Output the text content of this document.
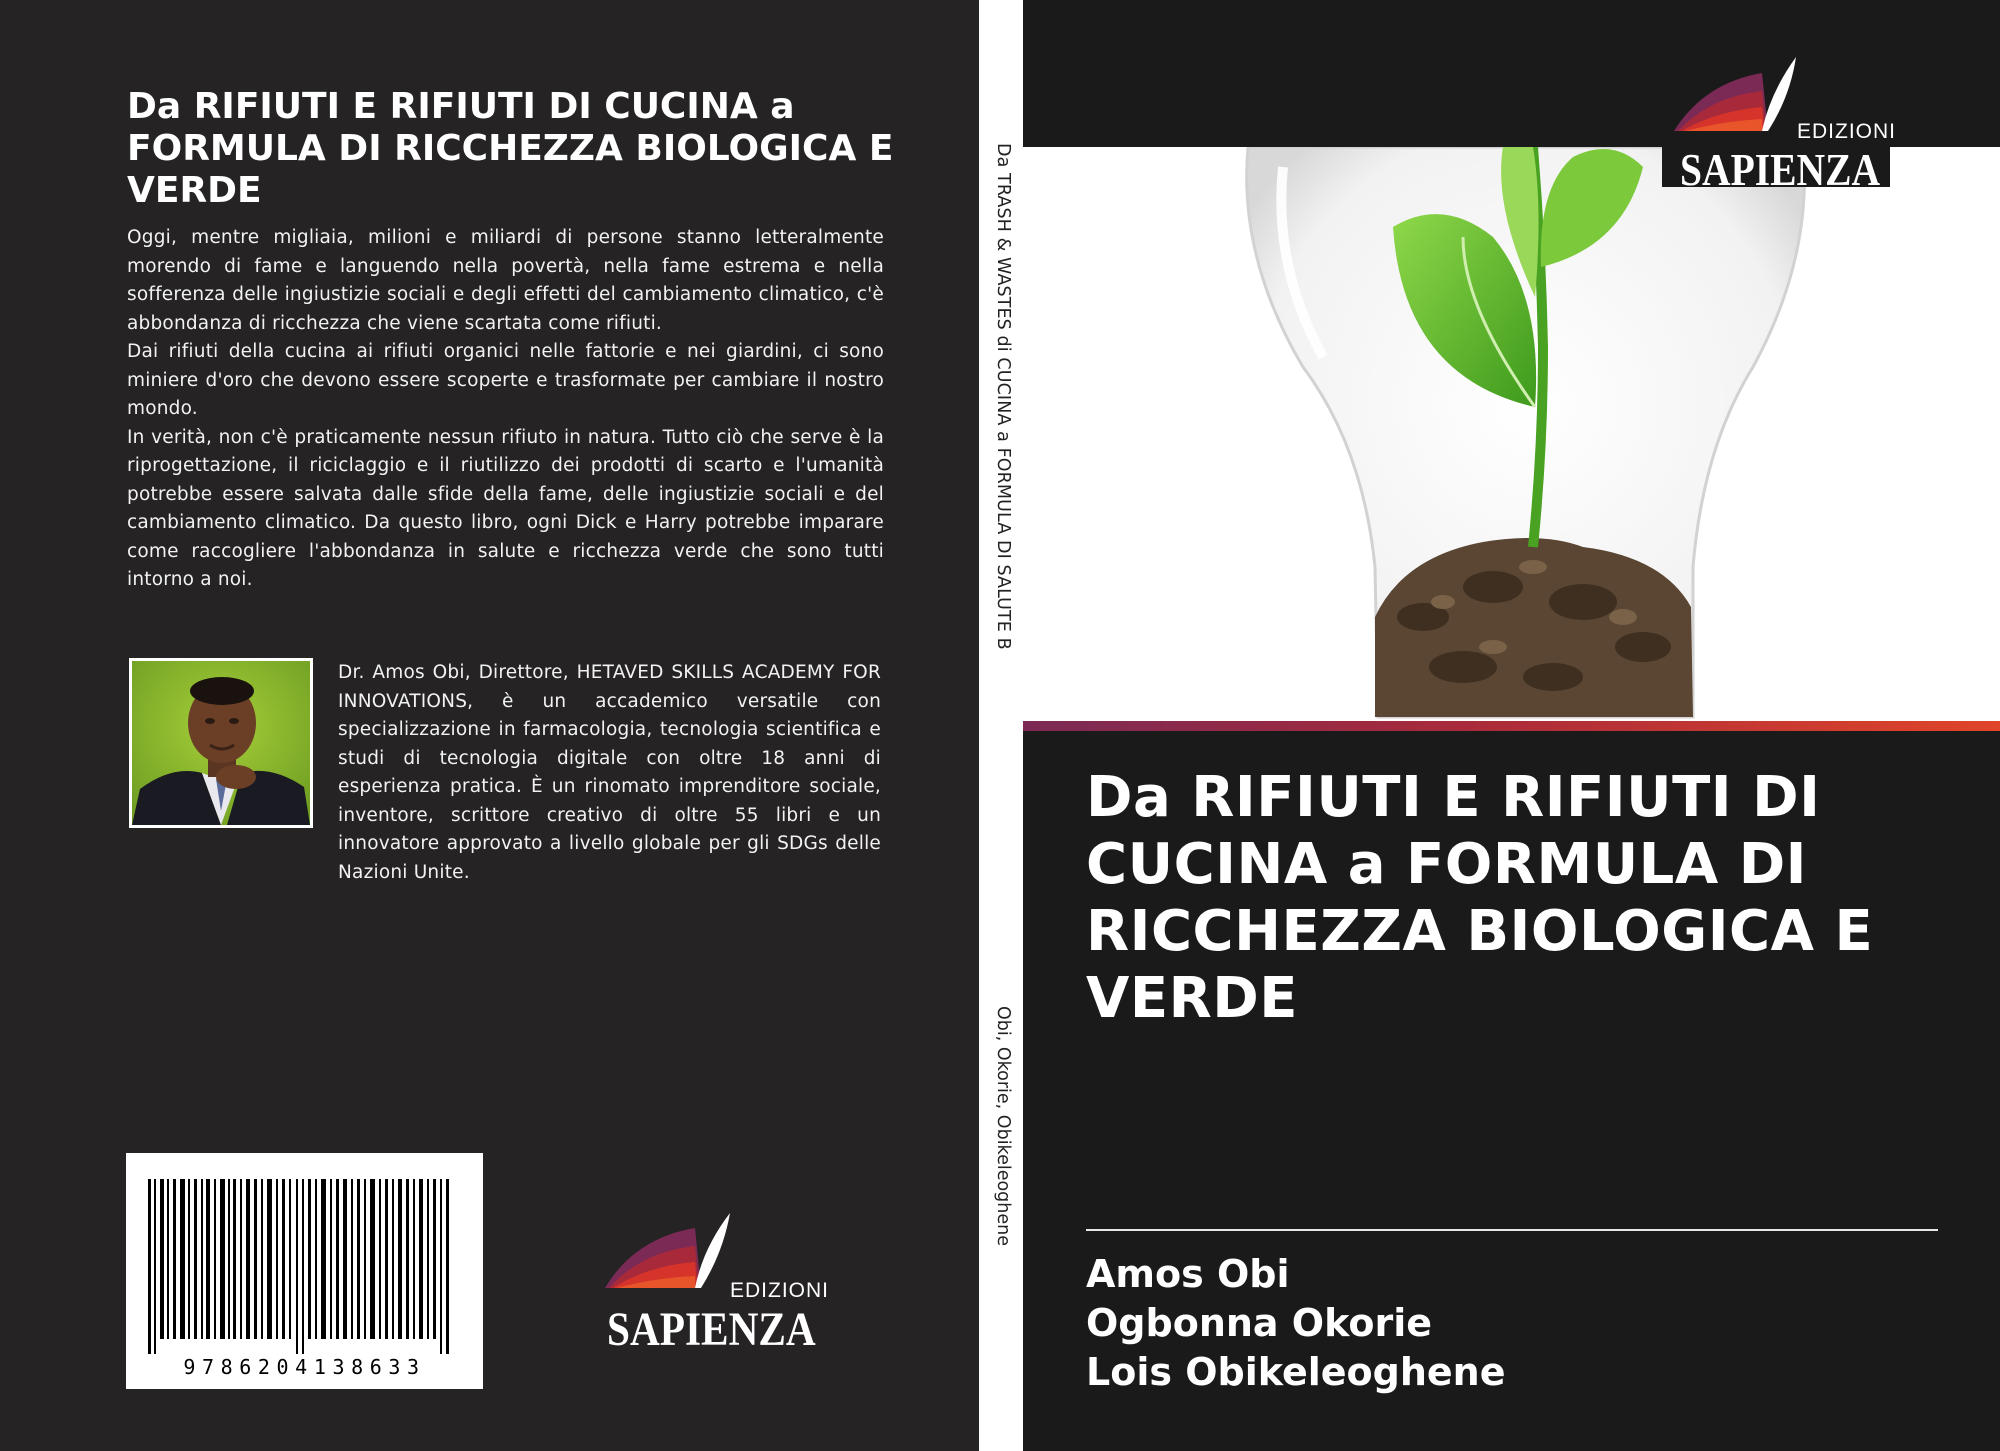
Da RIFIUTI E RIFIUTI DI CUCINA a FORMULA DI RICCHEZZA BIOLOGICA E VERDE

Oggi, mentre migliaia, milioni e miliardi di persone stanno letteralmente morendo di fame e languendo nella povertà, nella fame estrema e nella sofferenza delle ingiustizie sociali e degli effetti del cambiamento climatico, c'è abbondanza di ricchezza che viene scartata come rifiuti.

Dai rifiuti della cucina ai rifiuti organici nelle fattorie e nei giardini, ci sono miniere d'oro che devono essere scoperte e trasformate per cambiare il nostro mondo.

In verità, non c'è praticamente nessun rifiuto in natura. Tutto ciò che serve è la riprogettazione, il riciclaggio e il riutilizzo dei prodotti di scarto e l'umanità potrebbe essere salvata dalle sfide della fame, delle ingiustizie sociali e del cambiamento climatico. Da questo libro, ogni Dick e Harry potrebbe imparare come raccogliere l'abbondanza in salute e ricchezza verde che sono tutti intorno a noi.

Dr. Amos Obi, Direttore, HETAVED SKILLS ACADEMY FOR INNOVATIONS, è un accademico versatile con specializzazione in farmacologia, tecnologia scientifica e studi di tecnologia digitale con oltre 18 anni di esperienza pratica. È un rinomato imprenditore sociale, inventore, scrittore creativo di oltre 55 libri e un innovatore approvato a livello globale per gli SDGs delle Nazioni Unite.

9786204138633
EDIZIONI
SAPIENZA
Da TRASH & WASTES di CUCINA a FORMULA DI SALUTE B
Obi, Okorie, Obikeleoghene
EDIZIONI
SAPIENZA
Da RIFIUTI E RIFIUTI DI CUCINA a FORMULA DI RICCHEZZA BIOLOGICA E VERDE
Amos Obi
Ogbonna Okorie
Lois Obikeleoghene
